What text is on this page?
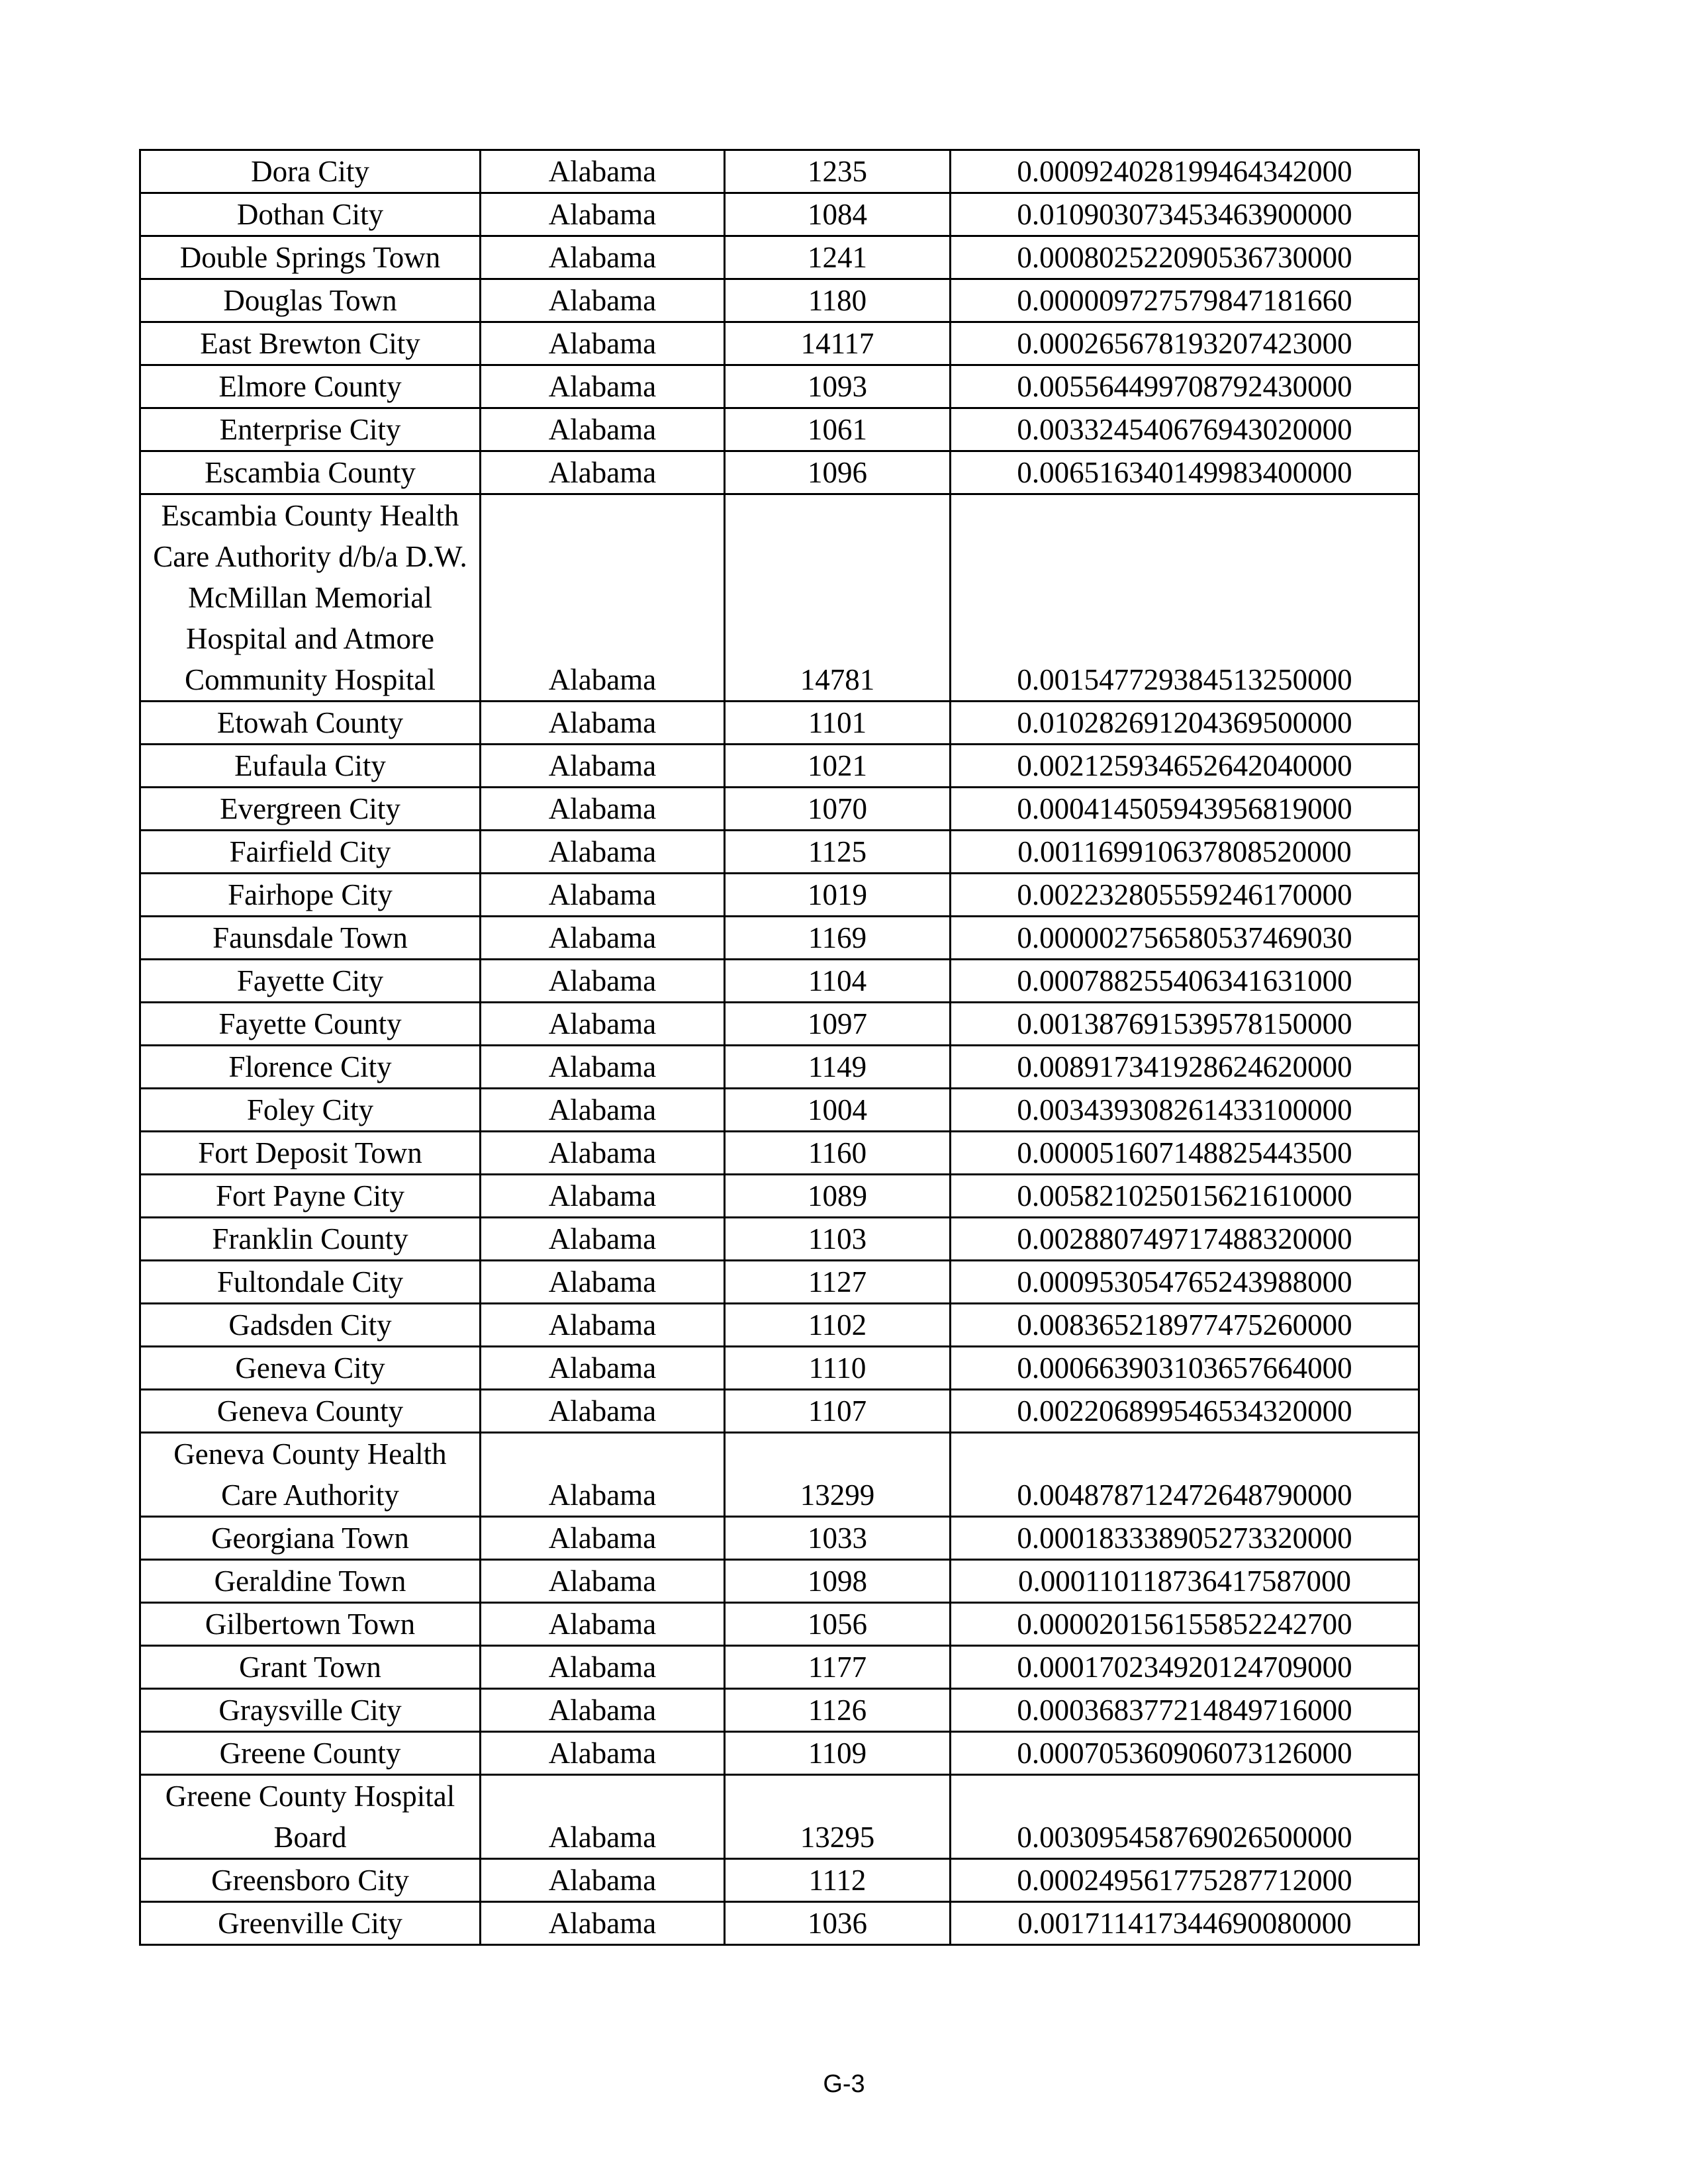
Dora City	Alabama	1235	0.000924028199464342000
Dothan City	Alabama	1084	0.010903073453463900000
Double Springs Town	Alabama	1241	0.000802522090536730000
Douglas Town	Alabama	1180	0.000009727579847181660
East Brewton City	Alabama	14117	0.000265678193207423000
Elmore County	Alabama	1093	0.005564499708792430000
Enterprise City	Alabama	1061	0.003324540676943020000
Escambia County	Alabama	1096	0.006516340149983400000
Escambia County Health Care Authority d/b/a D.W. McMillan Memorial Hospital and Atmore Community Hospital	Alabama	14781	0.001547729384513250000
Etowah County	Alabama	1101	0.010282691204369500000
Eufaula City	Alabama	1021	0.002125934652642040000
Evergreen City	Alabama	1070	0.000414505943956819000
Fairfield City	Alabama	1125	0.001169910637808520000
Fairhope City	Alabama	1019	0.002232805559246170000
Faunsdale Town	Alabama	1169	0.000002756580537469030
Fayette City	Alabama	1104	0.000788255406341631000
Fayette County	Alabama	1097	0.001387691539578150000
Florence City	Alabama	1149	0.008917341928624620000
Foley City	Alabama	1004	0.003439308261433100000
Fort Deposit Town	Alabama	1160	0.000051607148825443500
Fort Payne City	Alabama	1089	0.005821025015621610000
Franklin County	Alabama	1103	0.002880749717488320000
Fultondale City	Alabama	1127	0.000953054765243988000
Gadsden City	Alabama	1102	0.008365218977475260000
Geneva City	Alabama	1110	0.000663903103657664000
Geneva County	Alabama	1107	0.002206899546534320000
Geneva County Health Care Authority	Alabama	13299	0.004878712472648790000
Georgiana Town	Alabama	1033	0.000183338905273320000
Geraldine Town	Alabama	1098	0.000110118736417587000
Gilbertown Town	Alabama	1056	0.000020156155852242700
Grant Town	Alabama	1177	0.000170234920124709000
Graysville City	Alabama	1126	0.000368377214849716000
Greene County	Alabama	1109	0.000705360906073126000
Greene County Hospital Board	Alabama	13295	0.003095458769026500000
Greensboro City	Alabama	1112	0.000249561775287712000
Greenville City	Alabama	1036	0.001711417344690080000
G-3
